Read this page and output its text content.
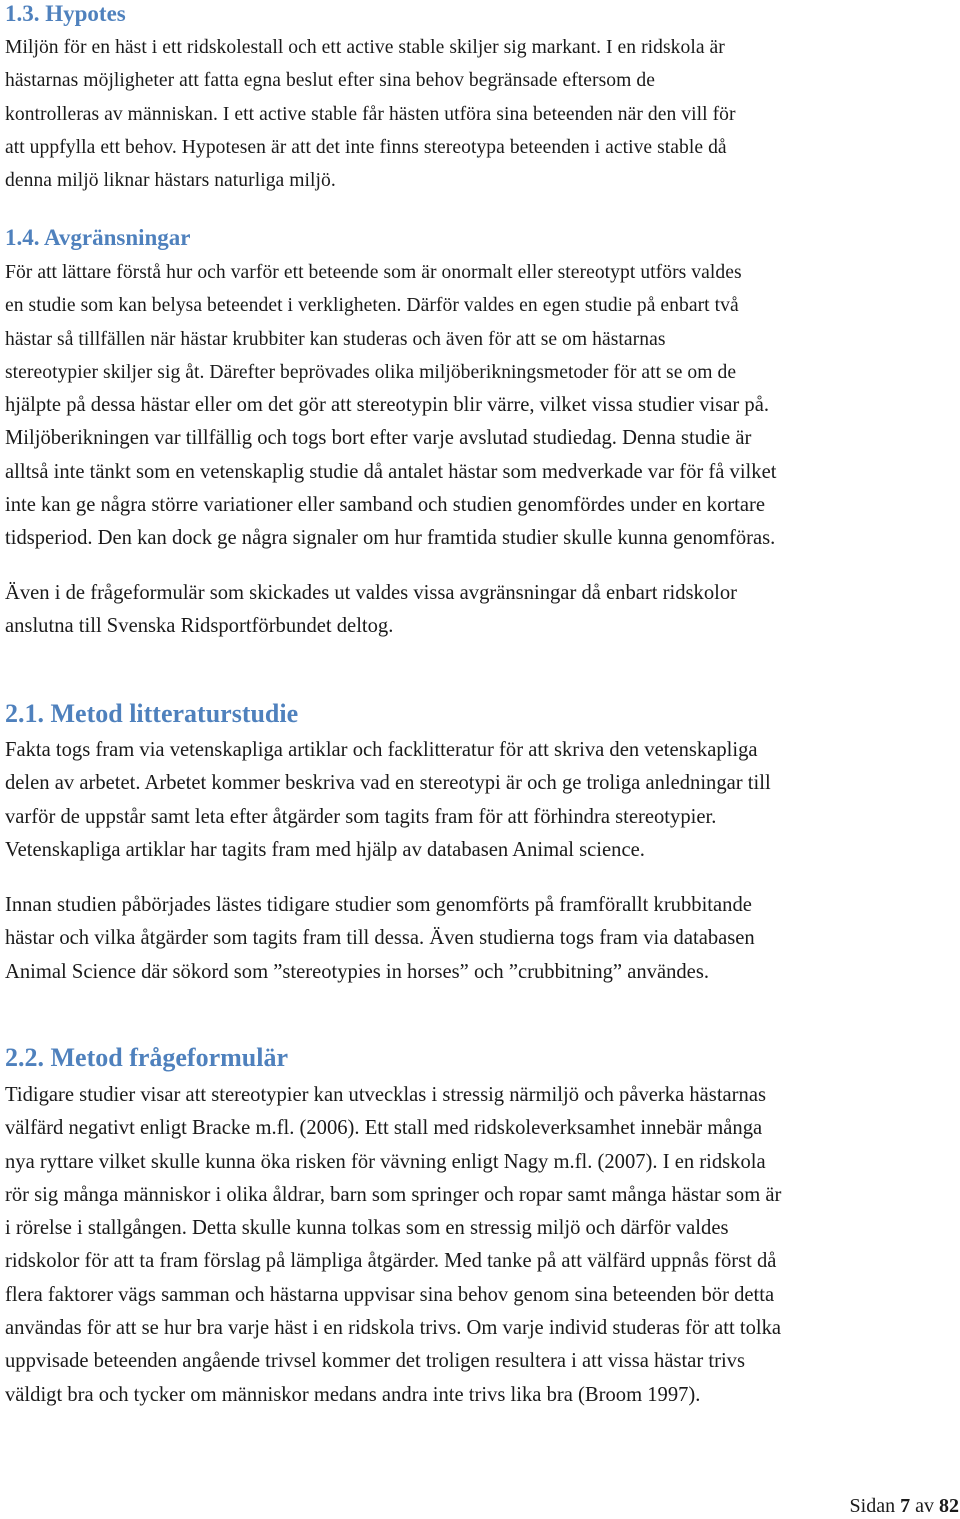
1.3. Hypotes

Miljön för en häst i ett ridskolestall och ett active stable skiljer sig markant. I en ridskola är
hästarnas möjligheter att fatta egna beslut efter sina behov begränsade eftersom de
kontrolleras av människan. I ett active stable får hästen utföra sina beteenden när den vill för
att uppfylla ett behov. Hypotesen är att det inte finns stereotypa beteenden i active stable då
denna miljö liknar hästars naturliga miljö.

1.4. Avgränsningar

För att lättare förstå hur och varför ett beteende som är onormalt eller stereotypt utförs valdes
en studie som kan belysa beteendet i verkligheten. Därför valdes en egen studie på enbart två
hästar så tillfällen när hästar krubbiter kan studeras och även för att se om hästarnas
stereotypier skiljer sig åt. Därefter beprövades olika miljöberikningsmetoder för att se om de

hjälpte på dessa hästar eller om det gör att stereotypin blir värre, vilket vissa studier visar på.
Miljöberikningen var tillfällig och togs bort efter varje avslutad studiedag. Denna studie är
alltså inte tänkt som en vetenskaplig studie då antalet hästar som medverkade var för få vilket
inte kan ge några större variationer eller samband och studien genomfördes under en kortare
tidsperiod. Den kan dock ge några signaler om hur framtida studier skulle kunna genomföras.

Även i de frågeformulär som skickades ut valdes vissa avgränsningar då enbart ridskolor
anslutna till Svenska Ridsportförbundet deltog.

2.1. Metod litteraturstudie

Fakta togs fram via vetenskapliga artiklar och facklitteratur för att skriva den vetenskapliga
delen av arbetet. Arbetet kommer beskriva vad en stereotypi är och ge troliga anledningar till
varför de uppstår samt leta efter åtgärder som tagits fram för att förhindra stereotypier.
Vetenskapliga artiklar har tagits fram med hjälp av databasen Animal science.

Innan studien påbörjades lästes tidigare studier som genomförts på framförallt krubbitande
hästar och vilka åtgärder som tagits fram till dessa. Även studierna togs fram via databasen
Animal Science där sökord som ”stereotypies in horses” och ”crubbitning” användes.

2.2. Metod frågeformulär

Tidigare studier visar att stereotypier kan utvecklas i stressig närmiljö och påverka hästarnas
välfärd negativt enligt Bracke m.fl. (2006). Ett stall med ridskoleverksamhet innebär många
nya ryttare vilket skulle kunna öka risken för vävning enligt Nagy m.fl. (2007). I en ridskola
rör sig många människor i olika åldrar, barn som springer och ropar samt många hästar som är
i rörelse i stallgången. Detta skulle kunna tolkas som en stressig miljö och därför valdes
ridskolor för att ta fram förslag på lämpliga åtgärder. Med tanke på att välfärd uppnås först då
flera faktorer vägs samman och hästarna uppvisar sina behov genom sina beteenden bör detta
användas för att se hur bra varje häst i en ridskola trivs. Om varje individ studeras för att tolka
uppvisade beteenden angående trivsel kommer det troligen resultera i att vissa hästar trivs
väldigt bra och tycker om människor medans andra inte trivs lika bra (Broom 1997).

Sidan 7 av 82
